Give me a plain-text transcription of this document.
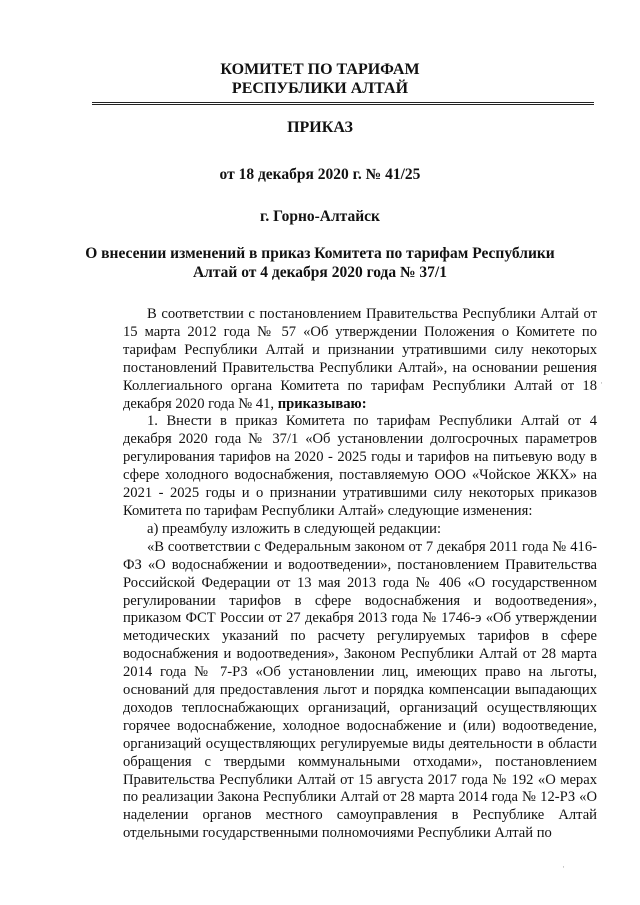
КОМИТЕТ ПО ТАРИФАМ
РЕСПУБЛИКИ АЛТАЙ
ПРИКАЗ
от 18 декабря 2020 г. № 41/25
г. Горно-Алтайск
О внесении изменений в приказ Комитета по тарифам Республики
Алтай от 4 декабря 2020 года № 37/1

В соответствии с постановлением Правительства Республики Алтай от 15 марта 2012 года № 57 «Об утверждении Положения о Комитете по тарифам Республики Алтай и признании утратившими силу некоторых постановлений Правительства Республики Алтай», на основании решения Коллегиального органа Комитета по тарифам Республики Алтай от 18 декабря 2020 года № 41, приказываю:

1. Внести в приказ Комитета по тарифам Республики Алтай от 4 декабря 2020 года № 37/1 «Об установлении долгосрочных параметров регулирования тарифов на 2020 - 2025 годы и тарифов на питьевую воду в сфере холодного водоснабжения, поставляемую ООО «Чойское ЖКХ» на 2021 - 2025 годы и о признании утратившими силу некоторых приказов Комитета по тарифам Республики Алтай» следующие изменения:

а) преамбулу изложить в следующей редакции:

«В соответствии с Федеральным законом от 7 декабря 2011 года № 416-ФЗ «О водоснабжении и водоотведении», постановлением Правительства Российской Федерации от 13 мая 2013 года № 406 «О государственном регулировании тарифов в сфере водоснабжения и водоотведения», приказом ФСТ России от 27 декабря 2013 года № 1746-э «Об утверждении методических указаний по расчету регулируемых тарифов в сфере водоснабжения и водоотведения», Законом Республики Алтай от 28 марта 2014 года № 7-РЗ «Об установлении лиц, имеющих право на льготы, оснований для предоставления льгот и порядка компенсации выпадающих доходов теплоснабжающих организаций, организаций осуществляющих горячее водоснабжение, холодное водоснабжение и (или) водоотведение, организаций осуществляющих регулируемые виды деятельности в области обращения с твердыми коммунальными отходами», постановлением Правительства Республики Алтай от 15 августа 2017 года № 192 «О мерах по реализации Закона Республики Алтай от 28 марта 2014 года № 12-РЗ «О наделении органов местного самоуправления в Республике Алтай отдельными государственными полномочиями Республики Алтай по

·
·
